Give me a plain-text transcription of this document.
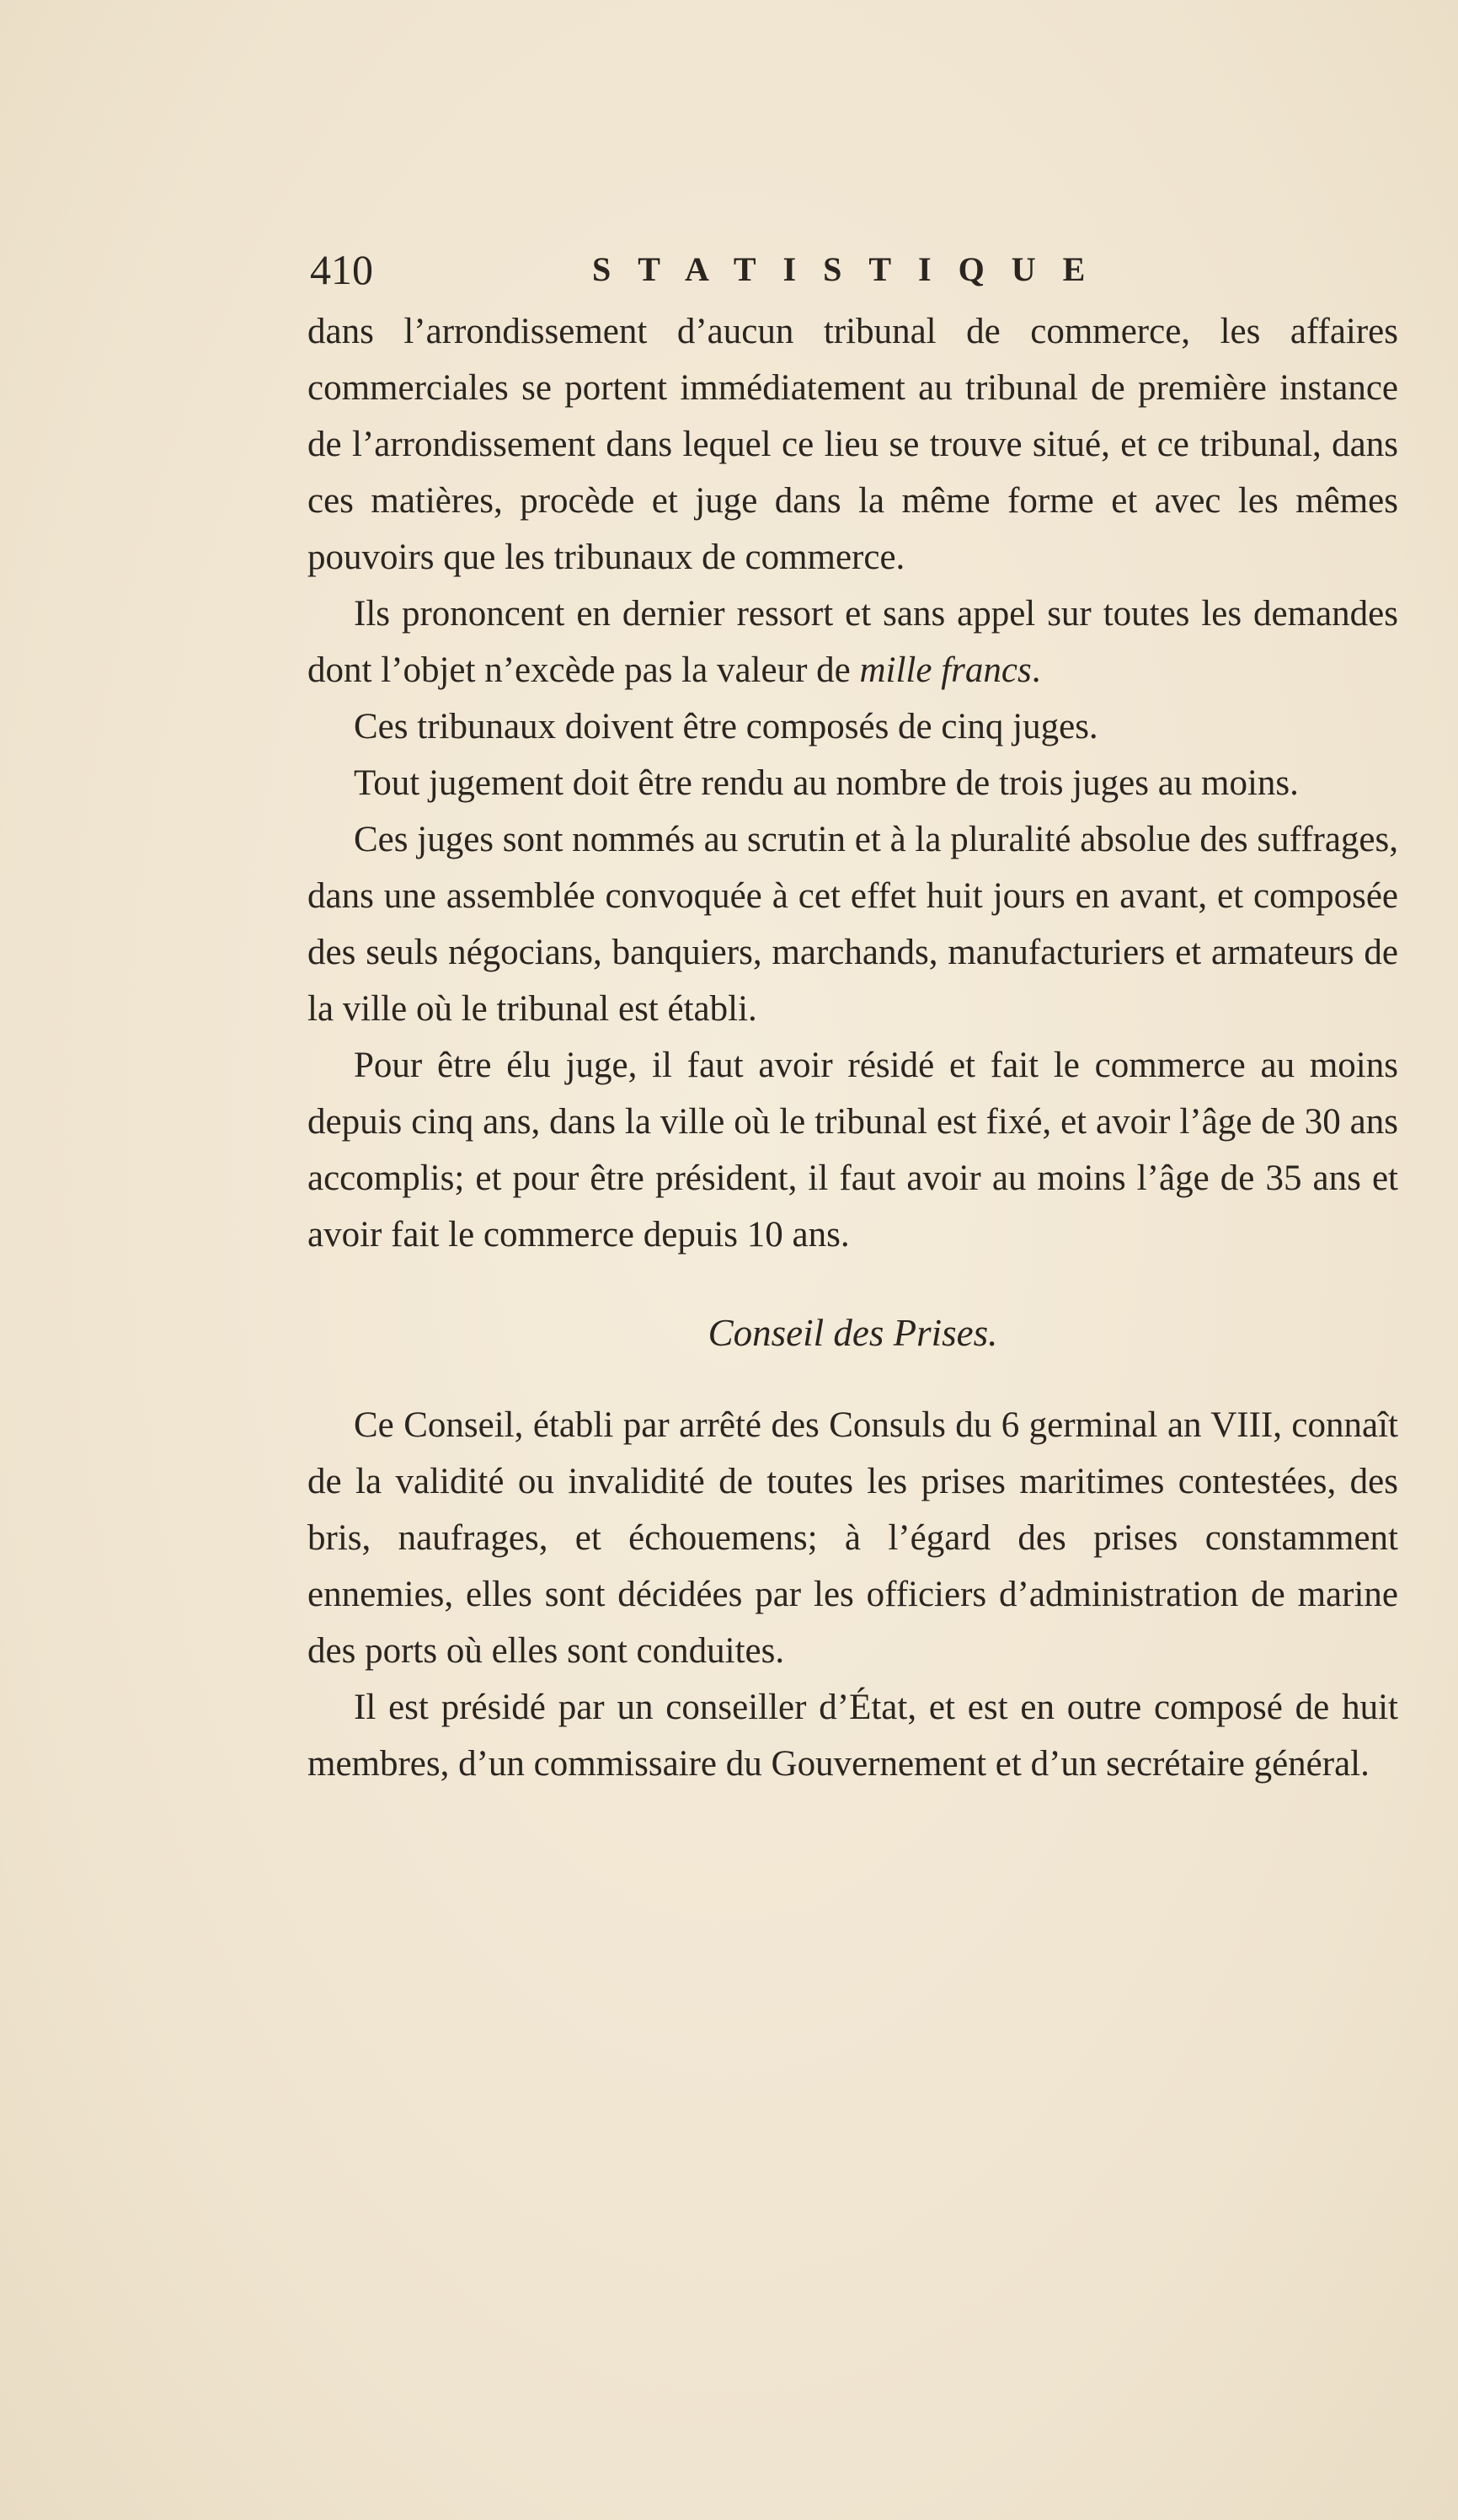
410	STATISTIQUE

dans l’arrondissement d’aucun tribunal de commerce, les affaires commerciales se portent immédiatement au tribunal de première instance de l’arrondissement dans lequel ce lieu se trouve situé, et ce tribunal, dans ces matières, procède et juge dans la même forme et avec les mêmes pouvoirs que les tribunaux de commerce.

Ils prononcent en dernier ressort et sans appel sur toutes les demandes dont l’objet n’excède pas la valeur de mille francs.

Ces tribunaux doivent être composés de cinq juges.

Tout jugement doit être rendu au nombre de trois juges au moins.

Ces juges sont nommés au scrutin et à la pluralité absolue des suffrages, dans une assemblée convoquée à cet effet huit jours en avant, et composée des seuls négocians, banquiers, marchands, manufacturiers et armateurs de la ville où le tribunal est établi.

Pour être élu juge, il faut avoir résidé et fait le commerce au moins depuis cinq ans, dans la ville où le tribunal est fixé, et avoir l’âge de 30 ans accomplis; et pour être président, il faut avoir au moins l’âge de 35 ans et avoir fait le commerce depuis 10 ans.

Conseil des Prises.

Ce Conseil, établi par arrêté des Consuls du 6 germinal an VIII, connaît de la validité ou invalidité de toutes les prises maritimes contestées, des bris, naufrages, et échouemens; à l’égard des prises constamment ennemies, elles sont décidées par les officiers d’administration de marine des ports où elles sont conduites.

Il est présidé par un conseiller d’État, et est en outre composé de huit membres, d’un commissaire du Gouvernement et d’un secrétaire général.
